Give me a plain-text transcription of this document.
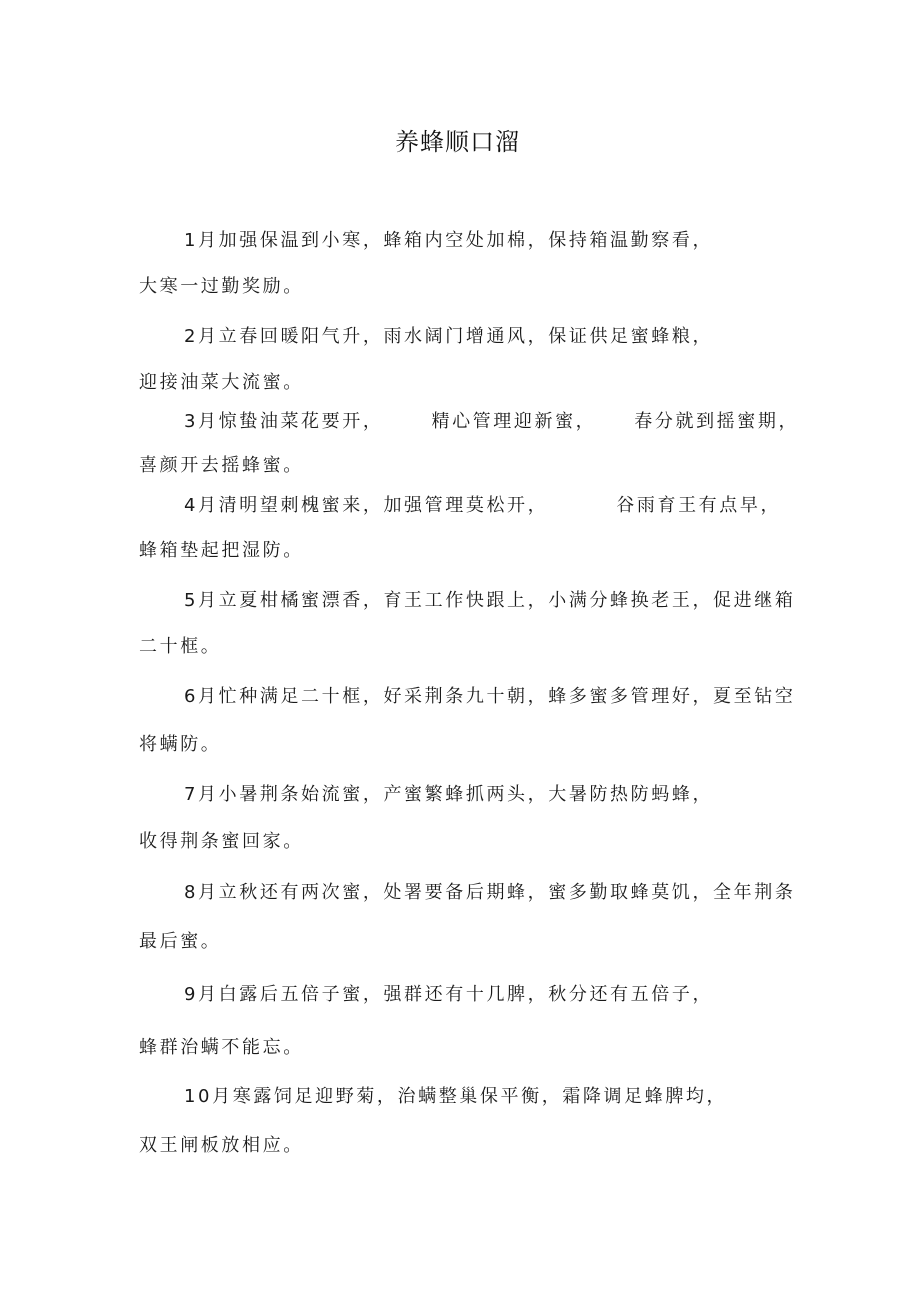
养蜂顺口溜
1月加强保温到小寒，蜂箱内空处加棉，保持箱温勤察看，
大寒一过勤奖励。
2月立春回暖阳气升，雨水阔门增通风，保证供足蜜蜂粮，
迎接油菜大流蜜。
3月惊蛰油菜花要开，	精心管理迎新蜜， 春分就到摇蜜期，
喜颜开去摇蜂蜜。
4月清明望刺槐蜜来，加强管理莫松开，	谷雨育王有点早，
蜂箱垫起把湿防。
5月立夏柑橘蜜漂香，育王工作快跟上，小满分蜂换老王，促进继箱
二十框。
6月忙种满足二十框，好采荆条九十朝，蜂多蜜多管理好，夏至钻空
将螨防。
7月小暑荆条始流蜜，产蜜繁蜂抓两头，大暑防热防蚂蜂，
收得荆条蜜回家。
8月立秋还有两次蜜，处署要备后期蜂，蜜多勤取蜂莫饥，全年荆条
最后蜜。
9月白露后五倍子蜜，强群还有十几脾，秋分还有五倍子，
蜂群治螨不能忘。
10月寒露饲足迎野菊，治螨整巢保平衡，霜降调足蜂脾均，
双王闸板放相应。
